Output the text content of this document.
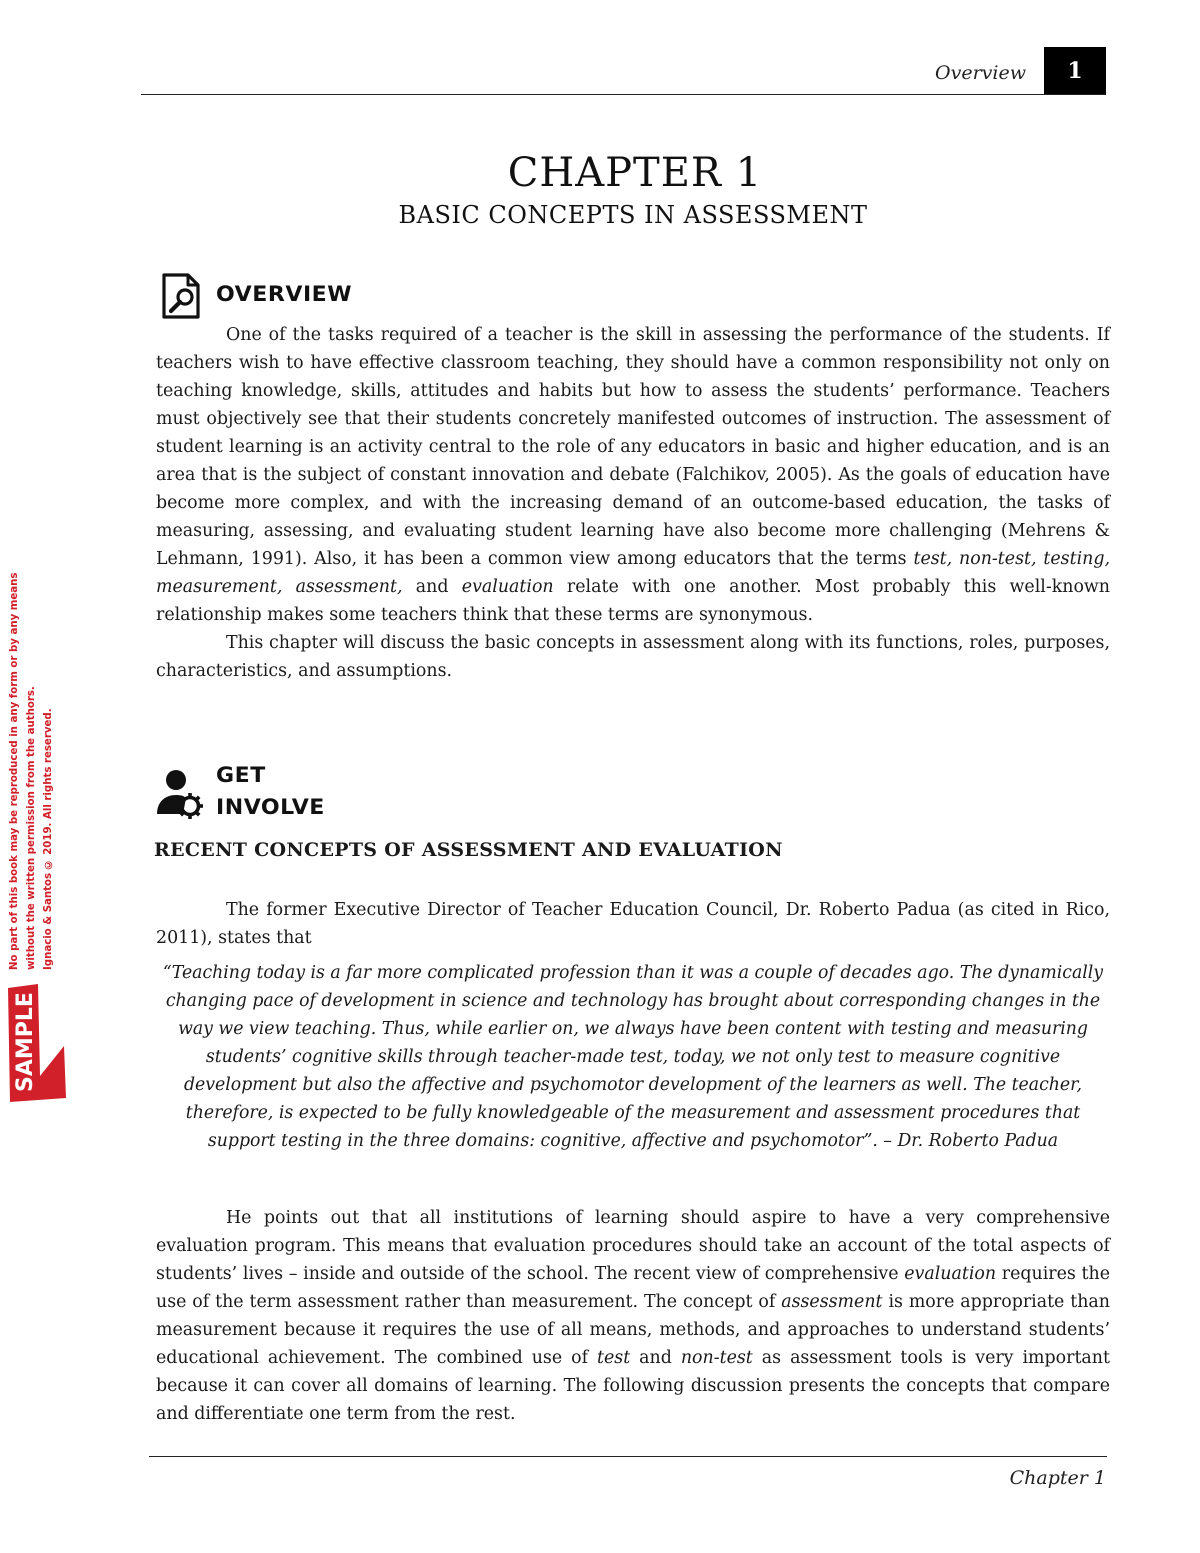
Overview 1
CHAPTER 1
BASIC CONCEPTS IN ASSESSMENT
OVERVIEW

One of the tasks required of a teacher is the skill in assessing the performance of the students. If teachers wish to have effective classroom teaching, they should have a common responsibility not only on teaching knowledge, skills, attitudes and habits but how to assess the students’ performance. Teachers must objectively see that their students concretely manifested outcomes of instruction. The assessment of student learning is an activity central to the role of any educators in basic and higher education, and is an area that is the subject of constant innovation and debate (Falchikov, 2005). As the goals of education have become more complex, and with the increasing demand of an outcome-based education, the tasks of measuring, assessing, and evaluating student learning have also become more challenging (Mehrens & Lehmann, 1991). Also, it has been a common view among educators that the terms test, non-test, testing, measurement, assessment, and evaluation relate with one another. Most probably this well-known relationship makes some teachers think that these terms are synonymous.

This chapter will discuss the basic concepts in assessment along with its functions, roles, purposes, characteristics, and assumptions.

GET
INVOLVE
RECENT CONCEPTS OF ASSESSMENT AND EVALUATION

The former Executive Director of Teacher Education Council, Dr. Roberto Padua (as cited in Rico, 2011), states that

“Teaching today is a far more complicated profession than it was a couple of decades ago. The dynamically changing pace of development in science and technology has brought about corresponding changes in the way we view teaching. Thus, while earlier on, we always have been content with testing and measuring students’ cognitive skills through teacher-made test, today, we not only test to measure cognitive development but also the affective and psychomotor development of the learners as well. The teacher, therefore, is expected to be fully knowledgeable of the measurement and assessment procedures that support testing in the three domains: cognitive, affective and psychomotor”. – Dr. Roberto Padua

He points out that all institutions of learning should aspire to have a very comprehensive evaluation program. This means that evaluation procedures should take an account of the total aspects of students’ lives – inside and outside of the school. The recent view of comprehensive evaluation requires the use of the term assessment rather than measurement. The concept of assessment is more appropriate than measurement because it requires the use of all means, methods, and approaches to understand students’ educational achievement. The combined use of test and non-test as assessment tools is very important because it can cover all domains of learning. The following discussion presents the concepts that compare and differentiate one term from the rest.

Chapter 1
No part of this book may be reproduced in any form or by any means without the written permission from the authors. Ignacio & Santos © 2019. All rights reserved.
SAMPLE
